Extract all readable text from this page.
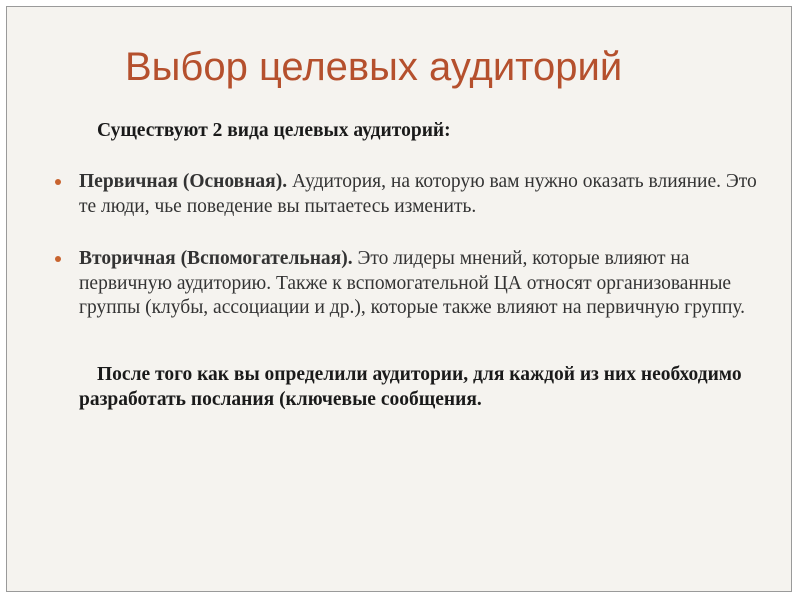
Выбор целевых аудиторий
Существуют 2 вида целевых аудиторий:
Первичная (Основная). Аудитория, на которую вам нужно оказать влияние. Это те люди, чье поведение вы пытаетесь изменить.
Вторичная (Вспомогательная). Это лидеры мнений, которые влияют на первичную аудиторию. Также к вспомогательной ЦА относят организованные группы (клубы, ассоциации и др.), которые также влияют на первичную группу.
После того как вы определили аудитории, для каждой из них необходимо разработать послания (ключевые сообщения.
